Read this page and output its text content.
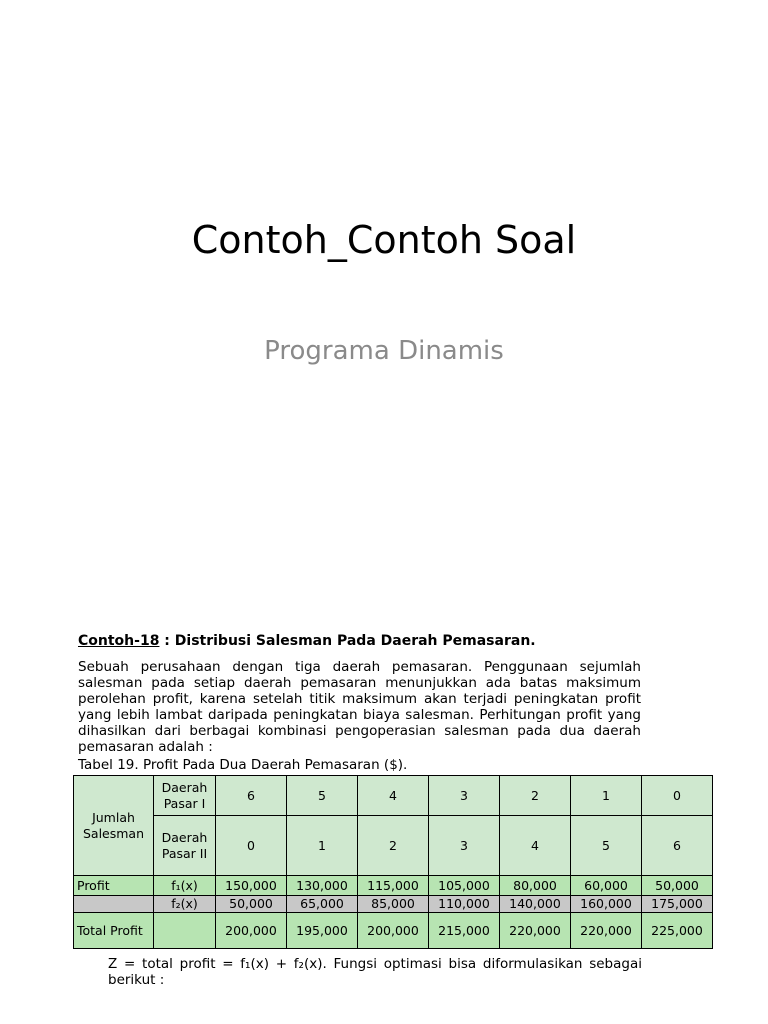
Contoh_Contoh Soal
Programa Dinamis
Contoh-18 : Distribusi Salesman Pada Daerah Pemasaran.
Sebuah perusahaan dengan tiga daerah pemasaran. Penggunaan sejumlah salesman pada setiap daerah pemasaran menunjukkan ada batas maksimum perolehan profit, karena setelah titik maksimum akan terjadi peningkatan profit yang lebih lambat daripada peningkatan biaya salesman. Perhitungan profit yang dihasilkan dari berbagai kombinasi pengoperasian salesman pada dua daerah pemasaran adalah :
Tabel 19. Profit Pada Dua Daerah Pemasaran ($).
Jumlah Salesman	Daerah Pasar I	6	5	4	3	2	1	0
	Daerah Pasar II	0	1	2	3	4	5	6
Profit	f₁(x)	150,000	130,000	115,000	105,000	80,000	60,000	50,000
	f₂(x)	50,000	65,000	85,000	110,000	140,000	160,000	175,000
Total Profit		200,000	195,000	200,000	215,000	220,000	220,000	225,000
Z = total profit = f₁(x) + f₂(x). Fungsi optimasi bisa diformulasikan sebagai berikut :
